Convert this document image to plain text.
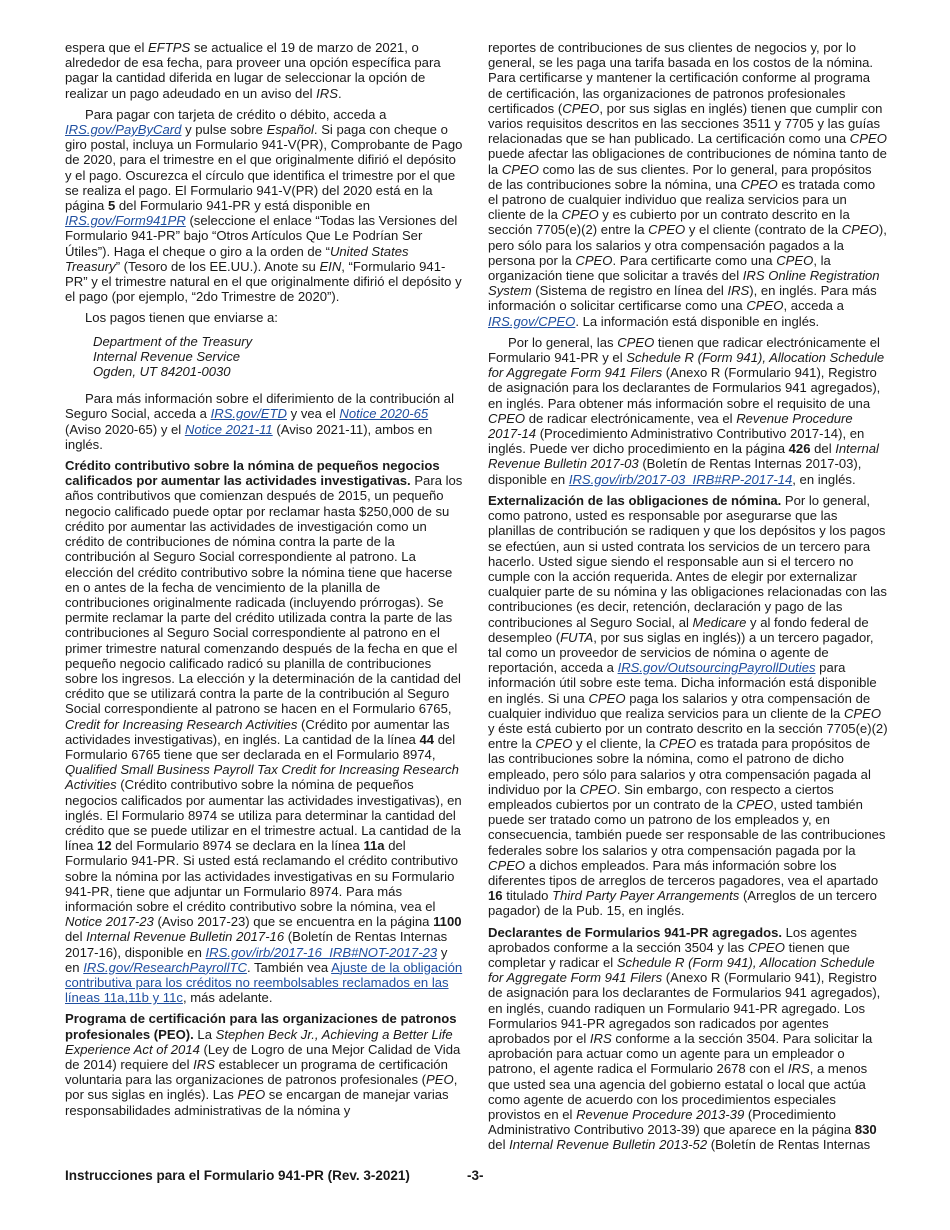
espera que el EFTPS se actualice el 19 de marzo de 2021, o alrededor de esa fecha, para proveer una opción específica para pagar la cantidad diferida en lugar de seleccionar la opción de realizar un pago adeudado en un aviso del IRS.

Para pagar con tarjeta de crédito o débito, acceda a IRS.gov/PayByCard y pulse sobre Español. Si paga con cheque o giro postal, incluya un Formulario 941-V(PR), Comprobante de Pago de 2020, para el trimestre en el que originalmente difirió el depósito y el pago. Oscurezca el círculo que identifica el trimestre por el que se realiza el pago. El Formulario 941-V(PR) del 2020 está en la página 5 del Formulario 941-PR y está disponible en IRS.gov/Form941PR (seleccione el enlace “Todas las Versiones del Formulario 941-PR” bajo “Otros Artículos Que Le Podrían Ser Útiles”). Haga el cheque o giro a la orden de “United States Treasury” (Tesoro de los EE.UU.). Anote su EIN, “Formulario 941-PR” y el trimestre natural en el que originalmente difirió el depósito y el pago (por ejemplo, “2do Trimestre de 2020”).

Los pagos tienen que enviarse a:

Department of the Treasury
Internal Revenue Service
Ogden, UT 84201-0030

Para más información sobre el diferimiento de la contribución al Seguro Social, acceda a IRS.gov/ETD y vea el Notice 2020-65 (Aviso 2020-65) y el Notice 2021-11 (Aviso 2021-11), ambos en inglés.

Crédito contributivo sobre la nómina de pequeños negocios calificados por aumentar las actividades investigativas. Para los años contributivos que comienzan después de 2015, un pequeño negocio calificado puede optar por reclamar hasta $250,000 de su crédito por aumentar las actividades de investigación como un crédito de contribuciones de nómina contra la parte de la contribución al Seguro Social correspondiente al patrono. La elección del crédito contributivo sobre la nómina tiene que hacerse en o antes de la fecha de vencimiento de la planilla de contribuciones originalmente radicada (incluyendo prórrogas). Se permite reclamar la parte del crédito utilizada contra la parte de las contribuciones al Seguro Social correspondiente al patrono en el primer trimestre natural comenzando después de la fecha en que el pequeño negocio calificado radicó su planilla de contribuciones sobre los ingresos. La elección y la determinación de la cantidad del crédito que se utilizará contra la parte de la contribución al Seguro Social correspondiente al patrono se hacen en el Formulario 6765, Credit for Increasing Research Activities (Crédito por aumentar las actividades investigativas), en inglés. La cantidad de la línea 44 del Formulario 6765 tiene que ser declarada en el Formulario 8974, Qualified Small Business Payroll Tax Credit for Increasing Research Activities (Crédito contributivo sobre la nómina de pequeños negocios calificados por aumentar las actividades investigativas), en inglés. El Formulario 8974 se utiliza para determinar la cantidad del crédito que se puede utilizar en el trimestre actual. La cantidad de la línea 12 del Formulario 8974 se declara en la línea 11a del Formulario 941-PR. Si usted está reclamando el crédito contributivo sobre la nómina por las actividades investigativas en su Formulario 941-PR, tiene que adjuntar un Formulario 8974. Para más información sobre el crédito contributivo sobre la nómina, vea el Notice 2017-23 (Aviso 2017-23) que se encuentra en la página 1100 del Internal Revenue Bulletin 2017-16 (Boletín de Rentas Internas 2017-16), disponible en IRS.gov/irb/2017-16_IRB#NOT-2017-23 y en IRS.gov/ResearchPayrollTC. También vea Ajuste de la obligación contributiva para los créditos no reembolsables reclamados en las líneas 11a,11b y 11c, más adelante.

Programa de certificación para las organizaciones de patronos profesionales (PEO). La Stephen Beck Jr., Achieving a Better Life Experience Act of 2014 (Ley de Logro de una Mejor Calidad de Vida de 2014) requiere del IRS establecer un programa de certificación voluntaria para las organizaciones de patronos profesionales (PEO, por sus siglas en inglés). Las PEO se encargan de manejar varias responsabilidades administrativas de la nómina y

reportes de contribuciones de sus clientes de negocios y, por lo general, se les paga una tarifa basada en los costos de la nómina. Para certificarse y mantener la certificación conforme al programa de certificación, las organizaciones de patronos profesionales certificados (CPEO, por sus siglas en inglés) tienen que cumplir con varios requisitos descritos en las secciones 3511 y 7705 y las guías relacionadas que se han publicado. La certificación como una CPEO puede afectar las obligaciones de contribuciones de nómina tanto de la CPEO como las de sus clientes. Por lo general, para propósitos de las contribuciones sobre la nómina, una CPEO es tratada como el patrono de cualquier individuo que realiza servicios para un cliente de la CPEO y es cubierto por un contrato descrito en la sección 7705(e)(2) entre la CPEO y el cliente (contrato de la CPEO), pero sólo para los salarios y otra compensación pagados a la persona por la CPEO. Para certificarte como una CPEO, la organización tiene que solicitar a través del IRS Online Registration System (Sistema de registro en línea del IRS), en inglés. Para más información o solicitar certificarse como una CPEO, acceda a IRS.gov/CPEO. La información está disponible en inglés.

Por lo general, las CPEO tienen que radicar electrónicamente el Formulario 941-PR y el Schedule R (Form 941), Allocation Schedule for Aggregate Form 941 Filers (Anexo R (Formulario 941), Registro de asignación para los declarantes de Formularios 941 agregados), en inglés. Para obtener más información sobre el requisito de una CPEO de radicar electrónicamente, vea el Revenue Procedure 2017-14 (Procedimiento Administrativo Contributivo 2017-14), en inglés. Puede ver dicho procedimiento en la página 426 del Internal Revenue Bulletin 2017-03 (Boletín de Rentas Internas 2017-03), disponible en IRS.gov/irb/2017-03_IRB#RP-2017-14, en inglés.

Externalización de las obligaciones de nómina. Por lo general, como patrono, usted es responsable por asegurarse que las planillas de contribución se radiquen y que los depósitos y los pagos se efectúen, aun si usted contrata los servicios de un tercero para hacerlo. Usted sigue siendo el responsable aun si el tercero no cumple con la acción requerida. Antes de elegir por externalizar cualquier parte de su nómina y las obligaciones relacionadas con las contribuciones (es decir, retención, declaración y pago de las contribuciones al Seguro Social, al Medicare y al fondo federal de desempleo (FUTA, por sus siglas en inglés)) a un tercero pagador, tal como un proveedor de servicios de nómina o agente de reportación, acceda a IRS.gov/OutsourcingPayrollDuties para información útil sobre este tema. Dicha información está disponible en inglés. Si una CPEO paga los salarios y otra compensación de cualquier individuo que realiza servicios para un cliente de la CPEO y éste está cubierto por un contrato descrito en la sección 7705(e)(2) entre la CPEO y el cliente, la CPEO es tratada para propósitos de las contribuciones sobre la nómina, como el patrono de dicho empleado, pero sólo para salarios y otra compensación pagada al individuo por la CPEO. Sin embargo, con respecto a ciertos empleados cubiertos por un contrato de la CPEO, usted también puede ser tratado como un patrono de los empleados y, en consecuencia, también puede ser responsable de las contribuciones federales sobre los salarios y otra compensación pagada por la CPEO a dichos empleados. Para más información sobre los diferentes tipos de arreglos de terceros pagadores, vea el apartado 16 titulado Third Party Payer Arrangements (Arreglos de un tercero pagador) de la Pub. 15, en inglés.

Declarantes de Formularios 941-PR agregados. Los agentes aprobados conforme a la sección 3504 y las CPEO tienen que completar y radicar el Schedule R (Form 941), Allocation Schedule for Aggregate Form 941 Filers (Anexo R (Formulario 941), Registro de asignación para los declarantes de Formularios 941 agregados), en inglés, cuando radiquen un Formulario 941-PR agregado. Los Formularios 941-PR agregados son radicados por agentes aprobados por el IRS conforme a la sección 3504. Para solicitar la aprobación para actuar como un agente para un empleador o patrono, el agente radica el Formulario 2678 con el IRS, a menos que usted sea una agencia del gobierno estatal o local que actúa como agente de acuerdo con los procedimientos especiales provistos en el Revenue Procedure 2013-39 (Procedimiento Administrativo Contributivo 2013-39) que aparece en la página 830 del Internal Revenue Bulletin 2013-52 (Boletín de Rentas Internas

Instrucciones para el Formulario 941-PR (Rev. 3-2021)	-3-
